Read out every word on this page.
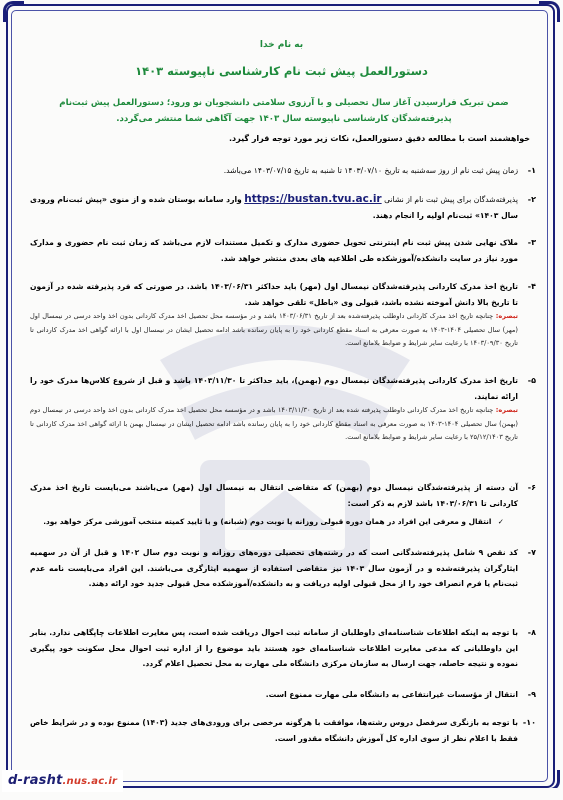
به نام خدا
دستورالعمل پیش ثبت نام کارشناسی ناپیوسته ۱۴۰۳
ضمن تبریک فرارسیدن آغاز سال تحصیلی و با آرزوی سلامتی دانشجویان نو ورود؛ دستورالعمل پیش ثبت‌نام پذیرفته‌شدگان کارشناسی ناپیوسته سال ۱۴۰۳ جهت آگاهی شما منتشر می‌گردد.
خواهشمند است با مطالعه دقیق دستورالعمل، نکات زیر مورد توجه قرار گیرد.
۱-
زمان پیش ثبت نام از روز سه‌شنبه به تاریخ ۱۴۰۳/۰۷/۱۰ تا شنبه به تاریخ ۱۴۰۳/۰۷/۱۵ می‌باشد.
۲-
پذیرفته‌شدگان برای پیش ثبت نام از نشانی https://bustan.tvu.ac.ir وارد سامانه بوستان شده و از منوی «پیش ثبت‌نام ورودی سال ۱۴۰۳» ثبت‌نام اولیه را انجام دهند.
۳-
ملاک نهایی شدن پیش ثبت نام اینترنتی تحویل حضوری مدارک و تکمیل مستندات لازم می‌باشد که زمان ثبت نام حضوری و مدارک مورد نیاز در سایت دانشکده/آموزشکده طی اطلاعیه های بعدی منتشر خواهد شد.
۴-
تاریخ اخذ مدرک کاردانی پذیرفته‌شدگان نیمسال اول (مهر) باید حداکثر ۱۴۰۳/۰۶/۳۱ باشد. در صورتی که فرد پذیرفته شده در آزمون تا تاریخ بالا دانش آموخته نشده باشد، قبولی وی «باطل» تلقی خواهد شد.
تبصره: چنانچه تاریخ اخذ مدرک کاردانی داوطلب پذیرفته‌شده بعد از تاریخ ۱۴۰۳/۰۶/۳۱ باشد و در مؤسسه محل تحصیل اخذ مدرک کاردانی بدون اخذ واحد درسی در نیمسال اول (مهر) سال تحصیلی ۱۴۰۴-۱۴۰۳ به صورت معرفی به اسناد مقطع کاردانی خود را به پایان رسانده باشد ادامه تحصیل ایشان در نیمسال اول با ارائه گواهی اخذ مدرک کاردانی تا تاریخ ۱۴۰۳/۰۹/۳۰ با رعایت سایر شرایط و ضوابط بلامانع است.
۵-
تاریخ اخذ مدرک کاردانی پذیرفته‌شدگان نیمسال دوم (بهمن)، باید حداکثر تا ۱۴۰۳/۱۱/۳۰ باشد و قبل از شروع کلاس‌ها مدرک خود را ارائه نمایند.
تبصره: چنانچه تاریخ اخذ مدرک کاردانی داوطلب پذیرفته شده بعد از تاریخ ۱۴۰۳/۱۱/۳۰ باشد و در مؤسسه محل تحصیل اخذ مدرک کاردانی بدون اخذ واحد درسی در نیمسال دوم (بهمن) سال تحصیلی ۱۴۰۴-۱۴۰۳ به صورت معرفی به اسناد مقطع کاردانی خود را به پایان رسانده باشد ادامه تحصیل ایشان در نیمسال بهمن با ارائه گواهی اخذ مدرک کاردانی تا تاریخ ۲۵/۱۲/۱۴۰۳ با رعایت سایر شرایط و ضوابط بلامانع است.
۶-
آن دسته از پذیرفته‌شدگان نیمسال دوم (بهمن) که متقاضی انتقال به نیمسال اول (مهر) می‌باشند می‌بایست تاریخ اخذ مدرک کاردانی تا ۱۴۰۳/۰۶/۳۱ باشد لازم به ذکر است:
✓ انتقال و معرفی این افراد در همان دوره قبولی روزانه یا نوبت دوم (شبانه) و با تایید کمیته منتخب آموزشی مرکز خواهد بود.
۷-
کد نقص ۹ شامل پذیرفته‌شدگانی است که در رشته‌های تحصیلی دوره‌های روزانه و نوبت دوم سال ۱۴۰۲ و قبل از آن در سهمیه ایثارگران پذیرفته‌شده و در آزمون سال ۱۴۰۳ نیز متقاضی استفاده از سهمیه ایثارگری می‌باشند. این افراد می‌بایست نامه عدم ثبت‌نام یا فرم انصراف خود را از محل قبولی اولیه دریافت و به دانشکده/آموزشکده محل قبولی جدید خود ارائه دهند.
۸-
با توجه به اینکه اطلاعات شناسنامه‌ای داوطلبان از سامانه ثبت احوال دریافت شده است، پس مغایرت اطلاعات چاپگاهی ندارد. بنابر این داوطلبانی که مدعی مغایرت اطلاعات شناسنامه‌ای خود هستند باید موضوع را از اداره ثبت احوال محل سکونت خود پیگیری نموده و نتیجه حاصله، جهت ارسال به سازمان مرکزی دانشگاه ملی مهارت به محل تحصیل اعلام گردد.
۹-
انتقال از مؤسسات غیرانتفاعی به دانشگاه ملی مهارت ممنوع است.
۱۰-
با توجه به بازنگری سرفصل دروس رشته‌ها، موافقت با هرگونه مرخصی برای ورودی‌های جدید (۱۴۰۳) ممنوع بوده و در شرایط خاص فقط با اعلام نظر از سوی اداره کل آموزش دانشگاه مقدور است.
d-rasht.nus.ac.ir
